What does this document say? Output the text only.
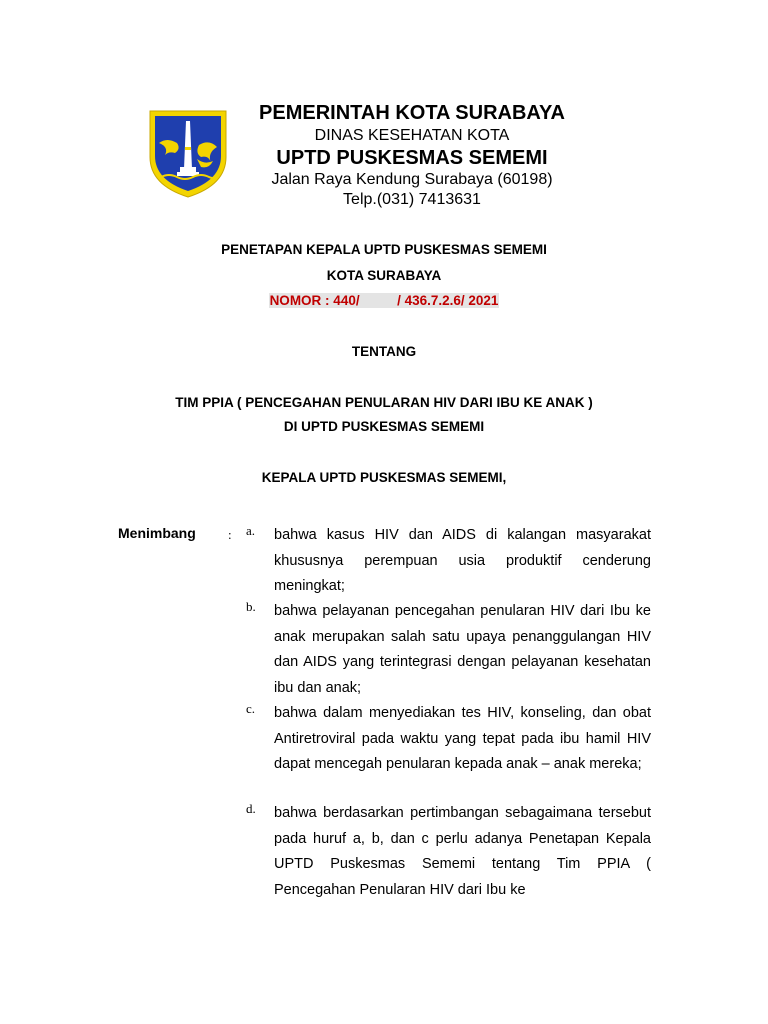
PEMERINTAH KOTA SURABAYA
DINAS KESEHATAN KOTA
UPTD PUSKESMAS SEMEMI
Jalan Raya Kendung Surabaya (60198)
Telp.(031) 7413631
PENETAPAN KEPALA UPTD PUSKESMAS SEMEMI
KOTA SURABAYA
NOMOR : 440/          / 436.7.2.6/ 2021
TENTANG
TIM PPIA ( PENCEGAHAN PENULARAN HIV DARI IBU KE ANAK )
DI UPTD PUSKESMAS SEMEMI
KEPALA UPTD PUSKESMAS SEMEMI,
Menimbang : a. bahwa kasus HIV dan AIDS di kalangan masyarakat khususnya perempuan usia produktif cenderung meningkat;
b. bahwa pelayanan pencegahan penularan HIV dari Ibu ke anak merupakan salah satu upaya penanggulangan HIV dan AIDS yang terintegrasi dengan pelayanan kesehatan ibu dan anak;
c. bahwa dalam menyediakan tes HIV, konseling, dan obat Antiretroviral pada waktu yang tepat pada ibu hamil HIV dapat mencegah penularan kepada anak – anak mereka;
d. bahwa berdasarkan pertimbangan sebagaimana tersebut pada huruf a, b, dan c perlu adanya Penetapan Kepala UPTD Puskesmas Sememi tentang Tim PPIA ( Pencegahan Penularan HIV dari Ibu ke
